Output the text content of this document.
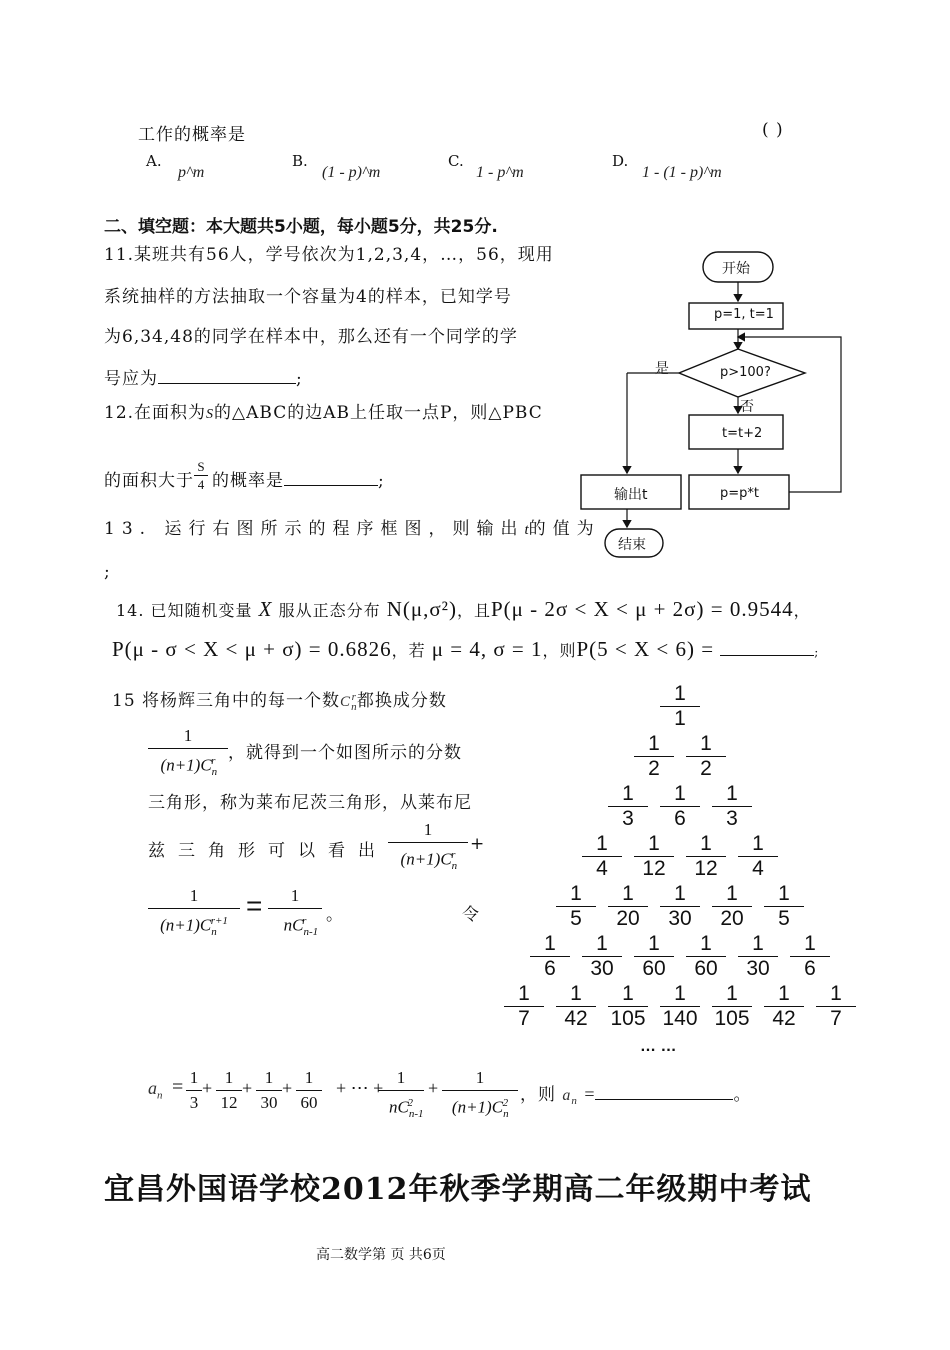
工作的概率是	( )
A.
p^m
B.
(1 - p)^m
C.
1 - p^m
D.
1 - (1 - p)^m
二、填空题：本大题共5小题，每小题5分，共25分.
11.某班共有56人，学号依次为1,2,3,4，…，56，现用
系统抽样的方法抽取一个容量为4的样本，已知学号
为6,34,48的同学在样本中，那么还有一个同学的学
号应为	;
12.在面积为S的△ABC的边AB上任取一点P，则△PBC
的面积大于 $\frac{S}{4}$ 的概率是	;
13. 运行右图所示的程序框图，则输出t的值为
;
开始
p=1, t=1
p>100?
是
否
t=t+2
p=p*t
输出t
结束
14. 已知随机变量 X 服从正态分布 N(μ,σ²)，且P(μ - 2σ < X < μ + 2σ) = 0.9544，
P(μ - σ < X < μ + σ) = 0.6826，若 μ = 4, σ = 1，则P(5 < X < 6) =	;
15 将杨辉三角中的每一个数$C_n^r$都换成分数
1
$(n+1)C_n^r$ ，就得到一个如图所示的分数
三角形，称为莱布尼茨三角形，从莱布尼
兹三角形可以看出
1
$(n+1)C_n^r$
+
1
$(n+1)C_n^{r+1}$ =	1
$nC_{n-1}^r$	。	令
$\frac{1}{1}$
$\frac{1}{2} \frac{1}{2}$
$\frac{1}{3} \frac{1}{6} \frac{1}{3}$
$\frac{1}{4} \frac{1}{12} \frac{1}{12} \frac{1}{4}$
$\frac{1}{5} \frac{1}{20} \frac{1}{30} \frac{1}{20} \frac{1}{5}$
$\frac{1}{6} \frac{1}{30} \frac{1}{60} \frac{1}{60} \frac{1}{30} \frac{1}{6}$
$\frac{1}{7} \frac{1}{42} \frac{1}{105} \frac{1}{140} \frac{1}{105} \frac{1}{42} \frac{1}{7}$
… …
$a_n = \frac{1}{3} + \frac{1}{12} + \frac{1}{30} + \frac{1}{60}$ + ⋯ +
1
$nC_{n-1}^2$
+ $\frac{1}{(n+1)C_n^2}$ ，则 $a_n$ =	。
宜昌外国语学校2012年秋季学期高二年级期中考试
高二数学第 页 共6页
